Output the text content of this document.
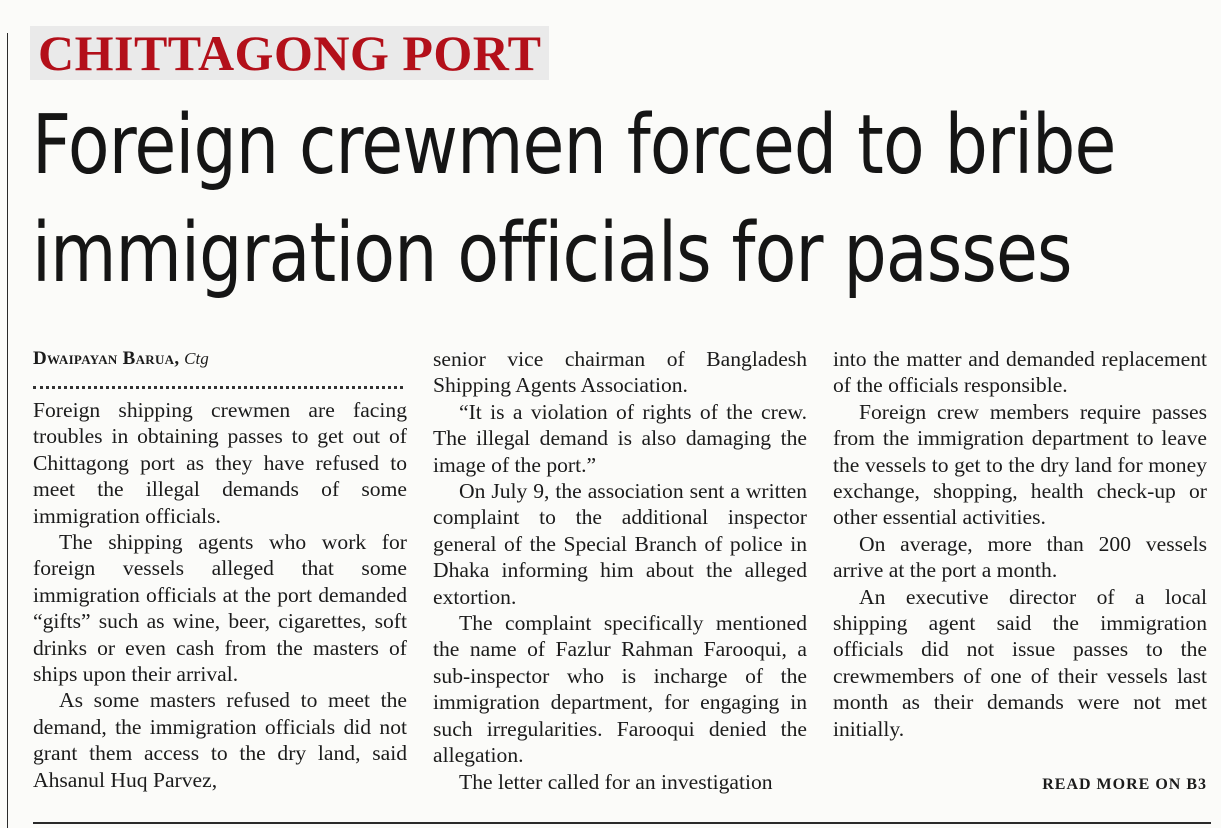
CHITTAGONG PORT
Foreign crewmen forced to bribe
immigration officials for passes
Dwaipayan Barua, Ctg

Foreign shipping crewmen are facing troubles in obtaining passes to get out of Chittagong port as they have refused to meet the illegal demands of some immigration officials.

The shipping agents who work for foreign vessels alleged that some immigration officials at the port demanded “gifts” such as wine, beer, cigarettes, soft drinks or even cash from the masters of ships upon their arrival.

As some masters refused to meet the demand, the immigration officials did not grant them access to the dry land, said Ahsanul Huq Parvez,

senior vice chairman of Bangladesh Shipping Agents Association.

“It is a violation of rights of the crew. The illegal demand is also damaging the image of the port.”

On July 9, the association sent a written complaint to the additional inspector general of the Special Branch of police in Dhaka informing him about the alleged extortion.

The complaint specifically mentioned the name of Fazlur Rahman Farooqui, a sub-inspector who is incharge of the immigration department, for engaging in such irregularities. Farooqui denied the allegation.

The letter called for an investigation

into the matter and demanded replacement of the officials responsible.

Foreign crew members require passes from the immigration department to leave the vessels to get to the dry land for money exchange, shopping, health check-up or other essential activities.

On average, more than 200 vessels arrive at the port a month.

An executive director of a local shipping agent said the immigration officials did not issue passes to the crewmembers of one of their vessels last month as their demands were not met initially.

READ MORE ON B3
